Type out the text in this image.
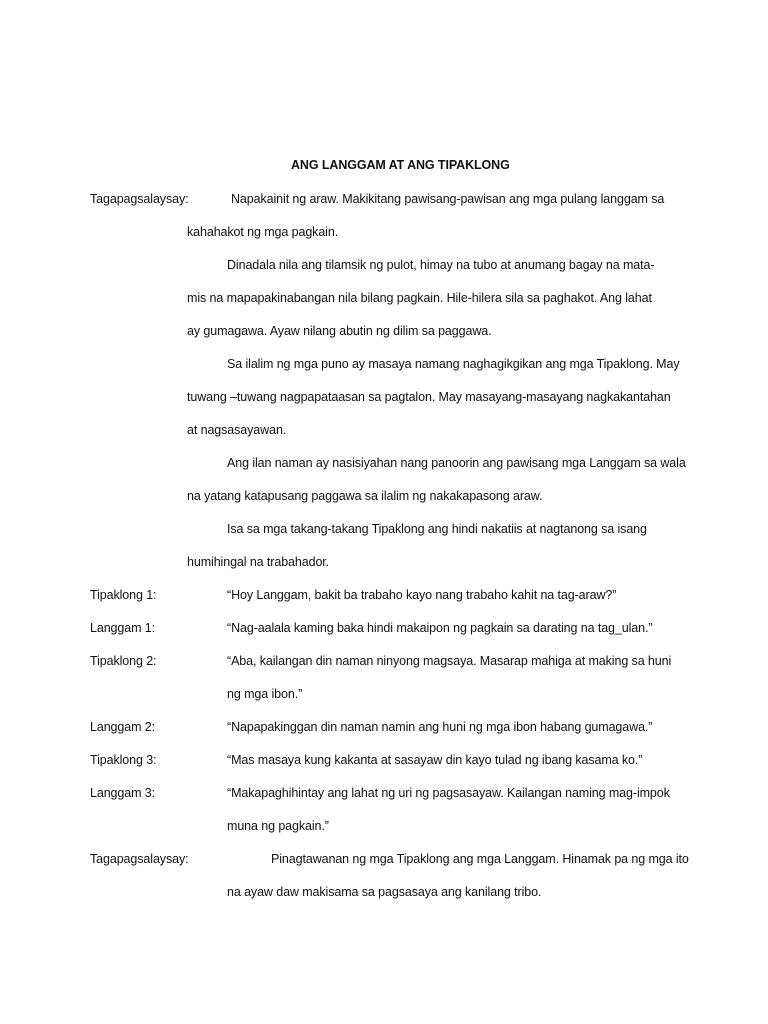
ANG LANGGAM AT ANG TIPAKLONG
Tagapagsalaysay:	Napakainit ng araw. Makikitang pawisang-pawisan ang mga pulang langgam sa
kahahakot ng mga pagkain.
Dinadala nila ang tilamsik ng pulot, himay na tubo at anumang bagay na mata-
mis na mapapakinabangan nila bilang pagkain. Hile-hilera sila sa paghakot. Ang lahat
ay gumagawa. Ayaw nilang abutin ng dilim sa paggawa.
Sa ilalim ng mga puno ay masaya namang naghagikgikan ang mga Tipaklong. May
tuwang –tuwang nagpapataasan sa pagtalon. May masayang-masayang nagkakantahan
at nagsasayawan.
Ang ilan naman ay nasisiyahan nang panoorin ang pawisang mga Langgam sa wala
na yatang katapusang paggawa sa ilalim ng nakakapasong araw.
Isa sa mga takang-takang Tipaklong ang hindi nakatiis at nagtanong sa isang
humihingal na trabahador.
Tipaklong 1:	“Hoy Langgam, bakit ba trabaho kayo nang trabaho kahit na tag-araw?”
Langgam 1:	“Nag-aalala kaming baka hindi makaipon ng pagkain sa darating na tag_ulan.”
Tipaklong 2:	“Aba, kailangan din naman ninyong magsaya. Masarap mahiga at making sa huni
ng mga ibon.”
Langgam 2:	“Napapakinggan din naman namin ang huni ng mga ibon habang gumagawa.”
Tipaklong 3:	“Mas masaya kung kakanta at sasayaw din kayo tulad ng ibang kasama ko.”
Langgam 3:	“Makapaghihintay ang lahat ng uri ng pagsasayaw. Kailangan naming mag-impok
muna ng pagkain.”
Tagapagsalaysay:	Pinagtawanan ng mga Tipaklong ang mga Langgam. Hinamak pa ng mga ito
na ayaw daw makisama sa pagsasaya ang kanilang tribo.
